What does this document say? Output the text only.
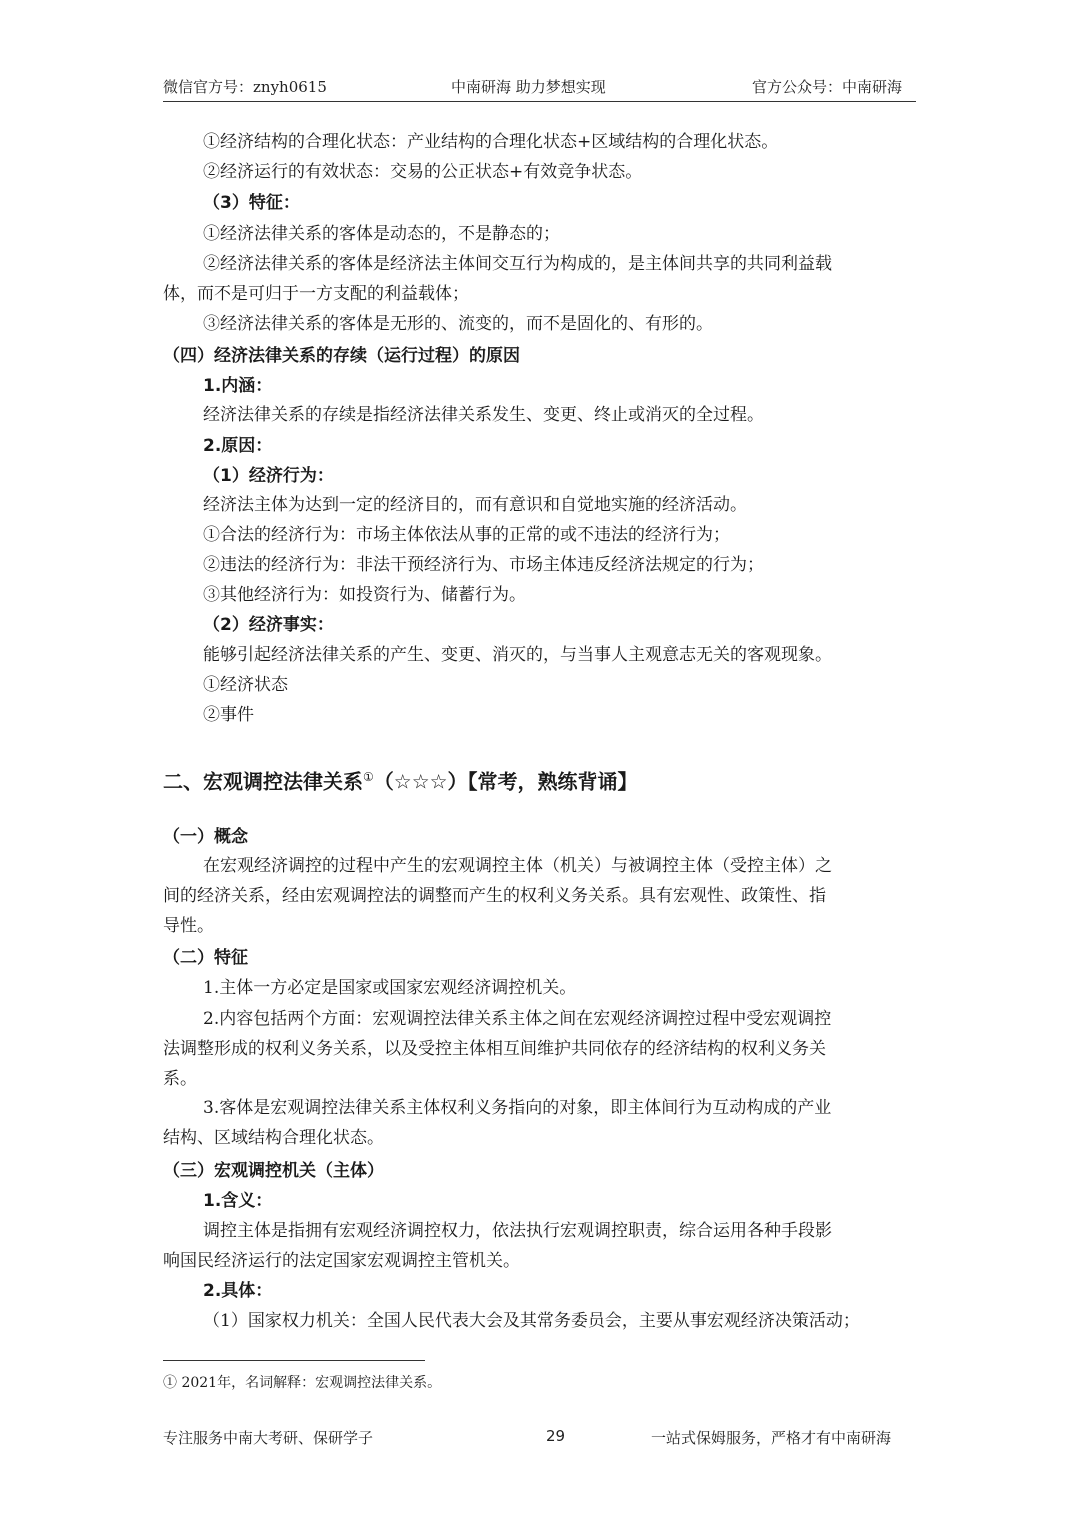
微信官方号：znyh0615	中南研海 助力梦想实现	官方公众号：中南研海
①经济结构的合理化状态：产业结构的合理化状态+区域结构的合理化状态。
②经济运行的有效状态：交易的公正状态+有效竞争状态。
（3）特征：
①经济法律关系的客体是动态的，不是静态的；
②经济法律关系的客体是经济法主体间交互行为构成的，是主体间共享的共同利益载
体，而不是可归于一方支配的利益载体；
③经济法律关系的客体是无形的、流变的，而不是固化的、有形的。
（四）经济法律关系的存续（运行过程）的原因
1.内涵：
经济法律关系的存续是指经济法律关系发生、变更、终止或消灭的全过程。
2.原因：
（1）经济行为：
经济法主体为达到一定的经济目的，而有意识和自觉地实施的经济活动。
①合法的经济行为：市场主体依法从事的正常的或不违法的经济行为；
②违法的经济行为：非法干预经济行为、市场主体违反经济法规定的行为；
③其他经济行为：如投资行为、储蓄行为。
（2）经济事实：
能够引起经济法律关系的产生、变更、消灭的，与当事人主观意志无关的客观现象。
①经济状态
②事件
二、宏观调控法律关系①（☆☆☆）【常考，熟练背诵】
（一）概念
在宏观经济调控的过程中产生的宏观调控主体（机关）与被调控主体（受控主体）之
间的经济关系，经由宏观调控法的调整而产生的权利义务关系。具有宏观性、政策性、指
导性。
（二）特征
1.主体一方必定是国家或国家宏观经济调控机关。
2.内容包括两个方面：宏观调控法律关系主体之间在宏观经济调控过程中受宏观调控
法调整形成的权利义务关系，以及受控主体相互间维护共同依存的经济结构的权利义务关
系。
3.客体是宏观调控法律关系主体权利义务指向的对象，即主体间行为互动构成的产业
结构、区域结构合理化状态。
（三）宏观调控机关（主体）
1.含义：
调控主体是指拥有宏观经济调控权力，依法执行宏观调控职责，综合运用各种手段影
响国民经济运行的法定国家宏观调控主管机关。
2.具体：
（1）国家权力机关：全国人民代表大会及其常务委员会，主要从事宏观经济决策活动；
① 2021年，名词解释：宏观调控法律关系。
专注服务中南大考研、保研学子	29	一站式保姆服务，严格才有中南研海
